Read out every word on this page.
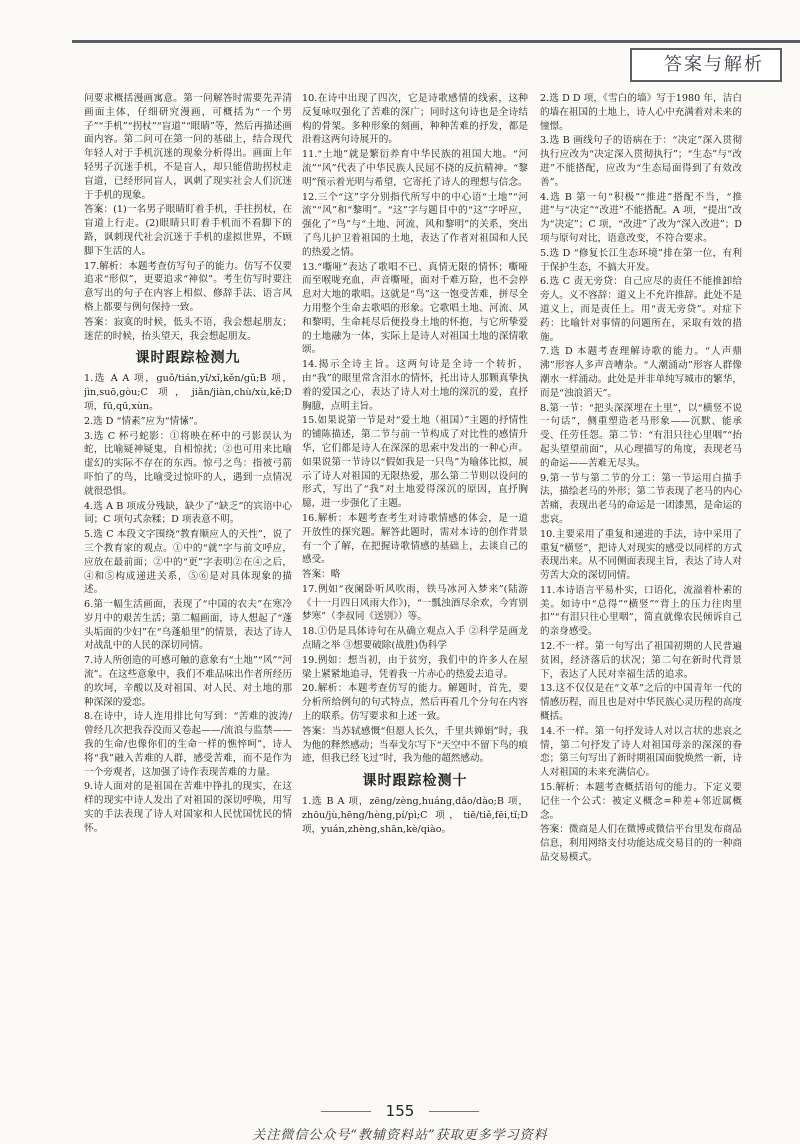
答案与解析

问要求概括漫画寓意。第一问解答时需要先弄清画面主体，仔细研究漫画，可概括为“一个男子”“手机”“拐杖”“盲道”“眼睛”等，然后再描述画面内容。第二问可在第一问的基础上，结合现代年轻人对于手机沉迷的现象分析得出。画面上年轻男子沉迷手机，不是盲人，却只能借助拐杖走盲道，已经形同盲人，讽刺了现实社会人们沉迷于手机的现象。

答案：(1)一名男子眼睛盯着手机，手拄拐杖，在盲道上行走。(2)眼睛只盯着手机而不看脚下的路，讽刺现代社会沉迷于手机的虚拟世界，不顾脚下生活的人。

17.解析：本题考查仿写句子的能力。仿写不仅要追求“形似”，更要追求“神似”。考生仿写时要注意写出的句子在内容上相似、修辞手法、语言风格上都要与例句保持一致。

答案：寂寞的时候，低头不语，我会想起朋友；迷茫的时候，抬头望天，我会想起朋友。

课时跟踪检测九

1.选 A A 项，guǒ/tián,yǐ/xǐ,kěn/gǔ;B 项，jìn,suō,gòu;C 项，jiǎn/jiàn,chù/xù,kě;D 项，fū,qū,xùn。

2.选 D “情素”应为“情愫”。

3.选 C 杯弓蛇影：①将映在杯中的弓影误认为蛇，比喻疑神疑鬼，自相惊扰；②也可用来比喻虚幻的实际不存在的东西。惊弓之鸟：指被弓箭吓怕了的鸟，比喻受过惊吓的人，遇到一点情况就很恐惧。

4.选 A B 项成分残缺，缺少了“缺乏”的宾语中心词；C 项句式杂糅；D 项表意不明。

5.选 C 本段文字围绕“教育顺应人的天性”，说了三个教育家的观点。①中的“就”字与前文呼应，应放在最前面；②中的“更”字表明②在④之后，④和⑤构成递进关系，⑤⑥是对具体现象的描述。

6.第一幅生活画面，表现了“中国的农夫”在寒冷岁月中的艰苦生活；第二幅画面，诗人想起了“蓬头垢面的少妇”在“乌蓬船里”的情景，表达了诗人对战乱中的人民的深切同情。

7.诗人所创造的可感可触的意象有“土地”“风”“河流”。在这些意象中，我们不难品味出作者所经历的坎坷，辛酸以及对祖国、对人民、对土地的那种深深的爱恋。

8.在诗中，诗人连用排比句写到：“苦难的波涛/曾经几次把我吞没而又卷起——/流浪与监禁——我的生命/也像你们的生命一样的憔悴呵”，诗人将“我”融入苦难的人群，感受苦难，而不是作为一个旁观者，这加强了诗作表现苦难的力量。

9.诗人面对的是祖国在苦难中挣扎的现实，在这样的现实中诗人发出了对祖国的深切呼唤，用写实的手法表现了诗人对国家和人民忧国忧民的情怀。

10.在诗中出现了四次，它是诗歌感情的线索，这种反复咏叹强化了苦难的深广；同时这句诗也是全诗结构的骨架。多种形象的刻画，种种苦难的抒发，都是沿着这两句诗展开的。

11.“土地”就是繁衍养育中华民族的祖国大地。“河流”“风”代表了中华民族人民屈不挠的反抗精神。“黎明”预示着光明与希望，它寄托了诗人的理想与信念。

12.三个“这”字分别指代所写中的中心语“土地”“河流”“风”和“黎明”。“这”字与题目中的“这”字呼应，强化了“鸟”与“土地、河流、风和黎明”的关系，突出了鸟儿护卫着祖国的土地，表达了作者对祖国和人民的热爱之情。

13.“嘶哑”表达了歌唱不已、真情无限的情怀；嘶哑而至喉咙充血，声音嘶哑，面对千难万险，也不会停息对大地的歌唱。这就是“鸟”这一饱受苦难，拼尽全力用整个生命去歌唱的形象。它歌唱土地、河流、风和黎明，生命耗尽后便投身土地的怀抱，与它所挚爱的土地融为一体，实际上是诗人对祖国土地的深情歌颂。

14.揭示全诗主旨。这两句诗是全诗一个转折，由“我”的眼里常含泪水的情怀，托出诗人那颗真挚执着的爱国之心，表达了诗人对土地的深沉的爱，直抒胸臆，点明主旨。

15.如果说第一节是对“爱土地（祖国）”主题的抒情性的铺陈描述，第二节与前一节构成了对比性的感情升华，它们都是诗人在深深的思索中发出的一种心声。如果说第一节诗以“假如我是一只鸟”为喻体比拟，展示了诗人对祖国的无限热爱，那么第二节则以设问的形式，写出了“我”对土地爱得深沉的原因，直抒胸臆，进一步强化了主题。

16.解析：本题考查考生对诗歌情感的体会，是一道开放性的探究题。解答此题时，需对本诗的创作背景有一个了解，在把握诗歌情感的基础上，去谈自己的感受。

答案：略

17.例如“夜阑卧听风吹雨，铁马冰河入梦来”(陆游《十一月四日风雨大作》)，“一瓢浊酒尽余欢，今宵别梦寒”（李叔同《送别》）等。

18.①仍是具体诗句在从确立观点入手 ②科学是画龙点睛之举 ③想要破除(战胜)伪科学

19.例如：想当初，由于贫穷，我们中的许多人在屋梁上紧紧地追寻，凭着我一片赤心的热爱去追寻。

20.解析：本题考查仿写的能力。解题时，首先，要分析所给例句的句式特点，然后再看几个分句在内容上的联系。仿写要求和上述一致。

答案：当苏轼感慨“但愿人长久，千里共婵娟”时，我为他的释然感动；当奉戈尔写下“天空中不留下鸟的痕迹，但我已经飞过”时，我为他的超然感动。

课时跟踪检测十

1.选 B A 项，zēng/zèng,huáng,dǎo/dào;B 项，zhōu/jù,hēng/hèng,pí/pì;C 项，tiē/tiě,fēi,tǐ;D 项，yuán,zhèng,shān,kè/qiào。

2.选 D D 项，《雪白的墙》写于1980 年，洁白的墙在祖国的土地上，诗人心中充满着对未来的憧憬。

3.选 B 画线句子的语病在于：“决定”深入贯彻执行应改为“决定深入贯彻执行”；“生态”与“改进”不能搭配，应改为“生态局面得到了有效改善”。

4.选 B 第一句“积极”“推进”搭配不当，“推进”与“决定”“改进”不能搭配。A 项，“提出”改为“决定”；C 项，“改进”了改为“深入改进”；D 项与原句对比，语意改变，不符合要求。

5.选 D “修复长江生态环境”排在第一位，有利于保护生态，不搞大开发。

6.选 C 责无旁贷：自己应尽的责任不能推卸给旁人。义不容辞：道义上不允许推辞。此处不是道义上，而是责任上。用“责无旁贷”。对症下药：比喻针对事情的问题所在，采取有效的措施。

7.选 D 本题考查理解诗歌的能力。“人声鼎沸”形容人多声音嘈杂。“人潮涌动”形容人群像潮水一样涌动。此处是并非单纯写城市的繁华，而是“浊浪滔天”。

8.第一节：“把头深深埋在土里”，以“横竖不说一句话”，侧重塑造老马形象——沉默、能承受、任劳任怨。第二节：“有泪只往心里咽”“抬起头望望前面”，从心理描写的角度，表现老马的命运——苦难无尽头。

9.第一节与第二节的分工：第一节运用白描手法，描绘老马的外形；第二节表现了老马的内心苦痛，表现出老马的命运是一团漆黑，是命运的悲哀。

10.主要采用了重复和递进的手法，诗中采用了重复“横竖”，把诗人对现实的感受以同样的方式表现出来。从不同侧面表现主旨，表达了诗人对劳苦大众的深切同情。

11.本诗语言平易朴实，口语化，流溢着朴素的美。如诗中“总得”“横竖”“背上的压力往肉里扣”“有泪只往心里咽”，简直就像农民倾诉自己的亲身感受。

12.不一样。第一句写出了祖国初期的人民普遍贫困，经济落后的状况；第二句在新时代背景下，表达了人民对幸福生活的追求。

13.这不仅仅是在“文革”之后的中国青年一代的情感历程，而且也是对中华民族心灵历程的高度概括。

14.不一样。第一句抒发诗人对以言状的悲哀之情，第二句抒发了诗人对祖国母亲的深深的眷恋；第三句写出了新时期祖国面貌焕然一新，诗人对祖国的未来充满信心。

15.解析：本题考查概括语句的能力。下定义要记住一个公式：被定义概念=种差+邻近属概念。

答案：微商是人们在微博或微信平台里发布商品信息，利用网络支付功能达成交易目的的一种商品交易模式。

155
关注微信公众号“教辅资料站”获取更多学习资料
